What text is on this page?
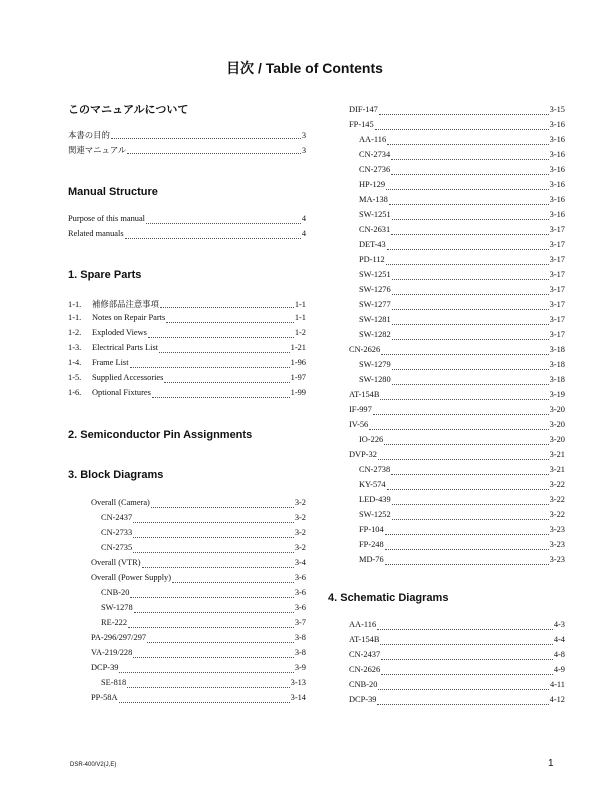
目次 / Table of Contents
このマニュアルについて
本書の目的	3
関連マニュアル	3
Manual Structure
Purpose of this manual	4
Related manuals	4
1. Spare Parts
1-1. 補修部品注意事項	1-1
1-1. Notes on Repair Parts	1-1
1-2. Exploded Views	1-2
1-3. Electrical Parts List	1-21
1-4. Frame List	1-96
1-5. Supplied Accessories	1-97
1-6. Optional Fixtures	1-99
2. Semiconductor Pin Assignments
3. Block Diagrams
Overall (Camera)	3-2
CN-2437	3-2
CN-2733	3-2
CN-2735	3-2
Overall (VTR)	3-4
Overall (Power Supply)	3-6
CNB-20	3-6
SW-1278	3-6
RE-222	3-7
PA-296/297/297	3-8
VA-219/228	3-8
DCP-39	3-9
SE-818	3-13
PP-58A	3-14
DIF-147	3-15
FP-145	3-16
AA-116	3-16
CN-2734	3-16
CN-2736	3-16
HP-129	3-16
MA-138	3-16
SW-1251	3-16
CN-2631	3-17
DET-43	3-17
PD-112	3-17
SW-1251	3-17
SW-1276	3-17
SW-1277	3-17
SW-1281	3-17
SW-1282	3-17
CN-2626	3-18
SW-1279	3-18
SW-1280	3-18
AT-154B	3-19
IF-997	3-20
IV-56	3-20
IO-226	3-20
DVP-32	3-21
CN-2738	3-21
KY-574	3-22
LED-439	3-22
SW-1252	3-22
FP-104	3-23
FP-248	3-23
MD-76	3-23
4. Schematic Diagrams
AA-116	4-3
AT-154B	4-4
CN-2437	4-8
CN-2626	4-9
CNB-20	4-11
DCP-39	4-12
DSR-400/V2(J,E)	1
